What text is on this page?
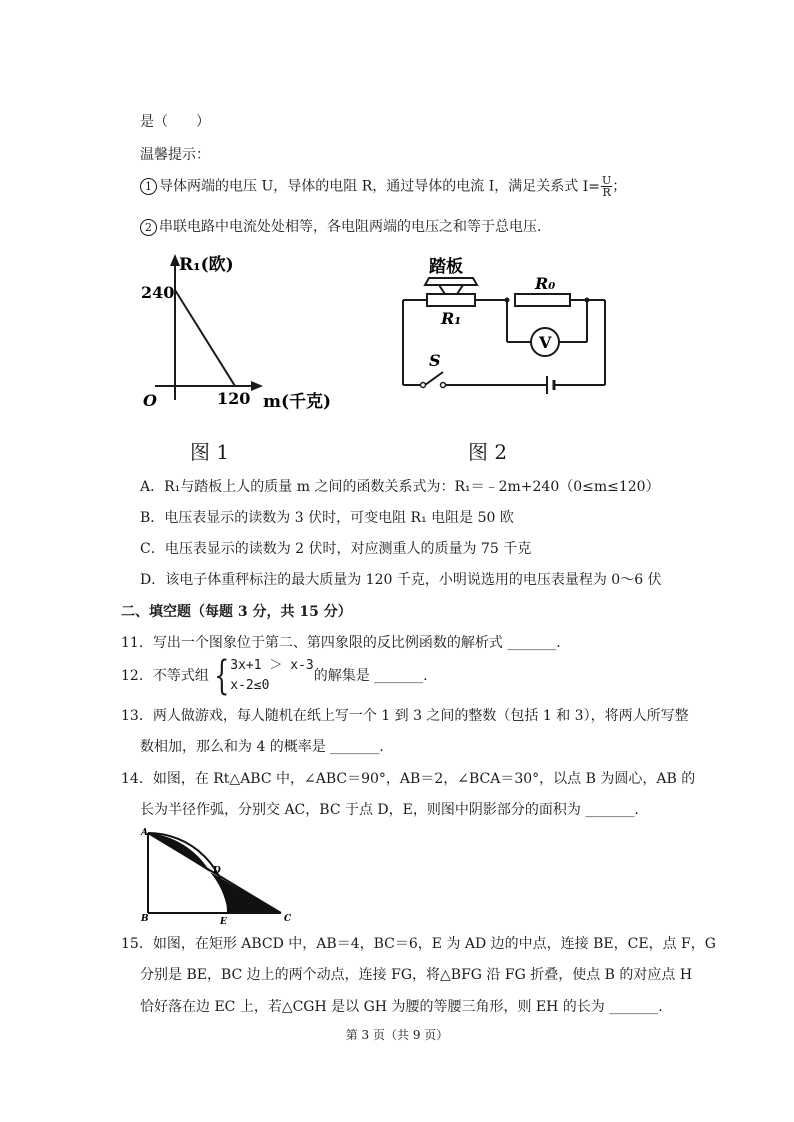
是（　　）
温馨提示：
1 导体两端的电压 U，导体的电阻 R，通过导体的电流 I，满足关系式 $I= \frac{U}{R}$ ；
2 串联电路中电流处处相等，各电阻两端的电压之和等于总电压.
R₁(欧)
240
O	120 m(千克)
图 1
踏板
R₀
R₁
V
S
图 2
A．R₁与踏板上人的质量 m 之间的函数关系式为：R₁＝﹣2m+240（0≤m≤120）
B．电压表显示的读数为 3 伏时，可变电阻 R₁ 电阻是 50 欧
C．电压表显示的读数为 2 伏时，对应测重人的质量为 75 千克
D．该电子体重秤标注的最大质量为 120 千克，小明说选用的电压表量程为 0～6 伏
二、填空题（每题 3 分，共 15 分）
11．写出一个图象位于第二、第四象限的反比例函数的解析式 _______.
12．不等式组 { 3x+1 ＞ x-3
x-2≤0
的解集是 _______.
13．两人做游戏，每人随机在纸上写一个 1 到 3 之间的整数（包括 1 和 3），将两人所写整
数相加，那么和为 4 的概率是 _______.
14．如图，在 Rt△ABC 中，∠ABC＝90°，AB＝2，∠BCA＝30°，以点 B 为圆心，AB 的
长为半径作弧，分别交 AC，BC 于点 D，E，则图中阴影部分的面积为 _______.
A
B	C
D
E
15．如图，在矩形 ABCD 中，AB＝4，BC＝6，E 为 AD 边的中点，连接 BE，CE，点 F，G
分别是 BE，BC 边上的两个动点，连接 FG，将△BFG 沿 FG 折叠，使点 B 的对应点 H
恰好落在边 EC 上，若△CGH 是以 GH 为腰的等腰三角形，则 EH 的长为 _______.
第 3 页（共 9 页）
